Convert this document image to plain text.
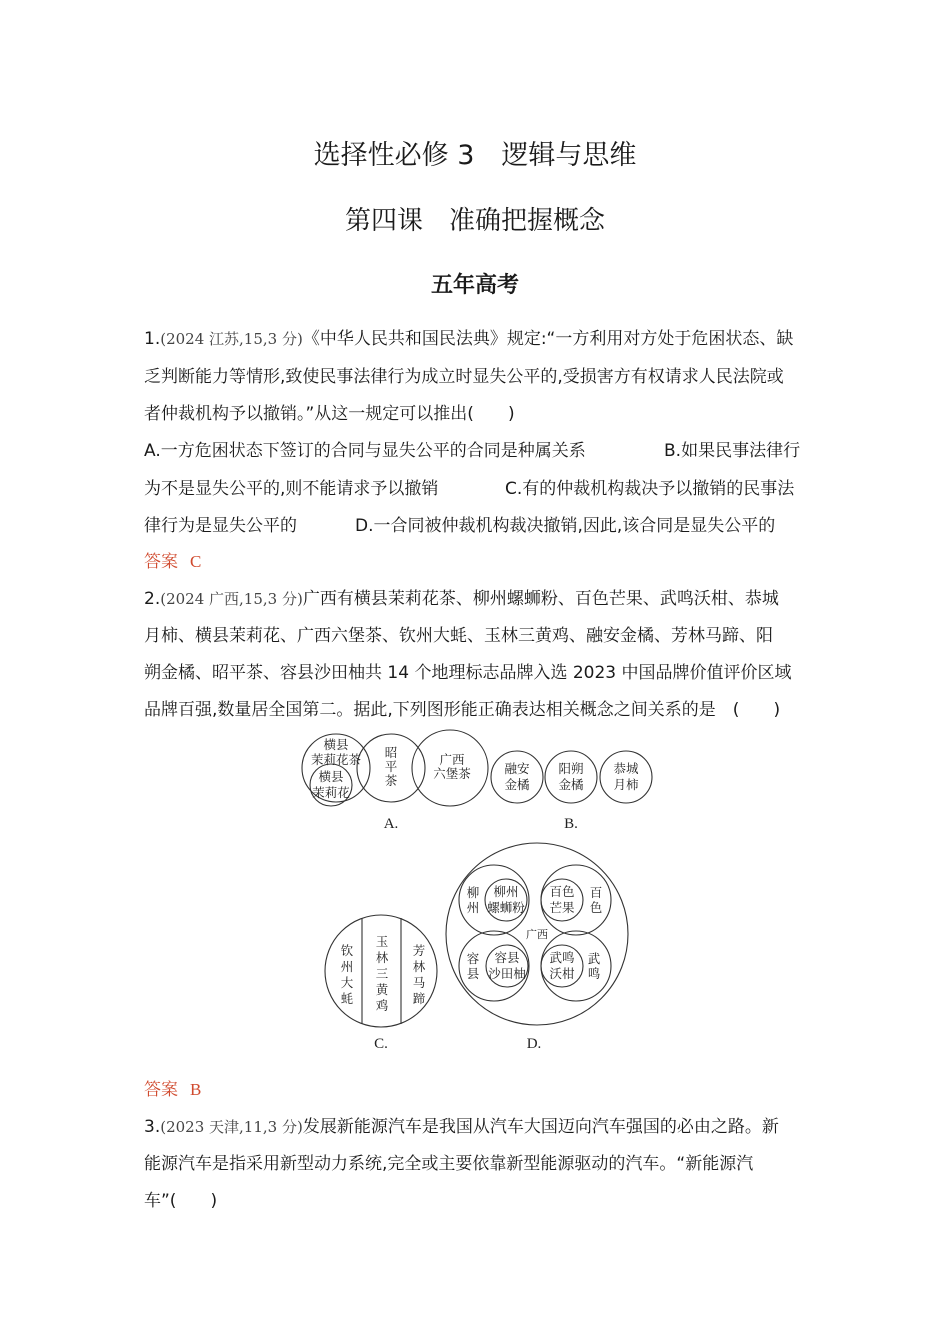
选择性必修 3　逻辑与思维
第四课　准确把握概念
五年高考
1.(2024 江苏,15,3 分)《中华人民共和国民法典》规定:“一方利用对方处于危困状态、缺
乏判断能力等情形,致使民事法律行为成立时显失公平的,受损害方有权请求人民法院或
者仲裁机构予以撤销。”从这一规定可以推出(　　)
A.一方危困状态下签订的合同与显失公平的合同是种属关系	B.如果民事法律行
为不是显失公平的,则不能请求予以撤销	C.有的仲裁机构裁决予以撤销的民事法
律行为是显失公平的	D.一合同被仲裁机构裁决撤销,因此,该合同是显失公平的
答案 C
2.(2024 广西,15,3 分)广西有横县茉莉花茶、柳州螺蛳粉、百色芒果、武鸣沃柑、恭城
月柿、横县茉莉花、广西六堡茶、钦州大蚝、玉林三黄鸡、融安金橘、芳林马蹄、阳
朔金橘、昭平茶、容县沙田柚共 14 个地理标志品牌入选 2023 中国品牌价值评价区域
品牌百强,数量居全国第二。据此,下列图形能正确表达相关概念之间关系的是　(　　)
横县
茉莉花茶
横县
茉莉花
昭
平
茶
广西
六堡茶
A.
融安
金橘
阳朔
金橘
恭城
月柿
B.
钦
州
大
蚝
玉
林
三
黄
鸡
芳
林
马
蹄
C.
广西
柳
州
柳州
螺蛳粉
百
色
百色
芒果
容
县
容县
沙田柚
武
鸣
武鸣
沃柑
D.
答案 B
3.(2023 天津,11,3 分)发展新能源汽车是我国从汽车大国迈向汽车强国的必由之路。新
能源汽车是指采用新型动力系统,完全或主要依靠新型能源驱动的汽车。“新能源汽
车”(　　)
